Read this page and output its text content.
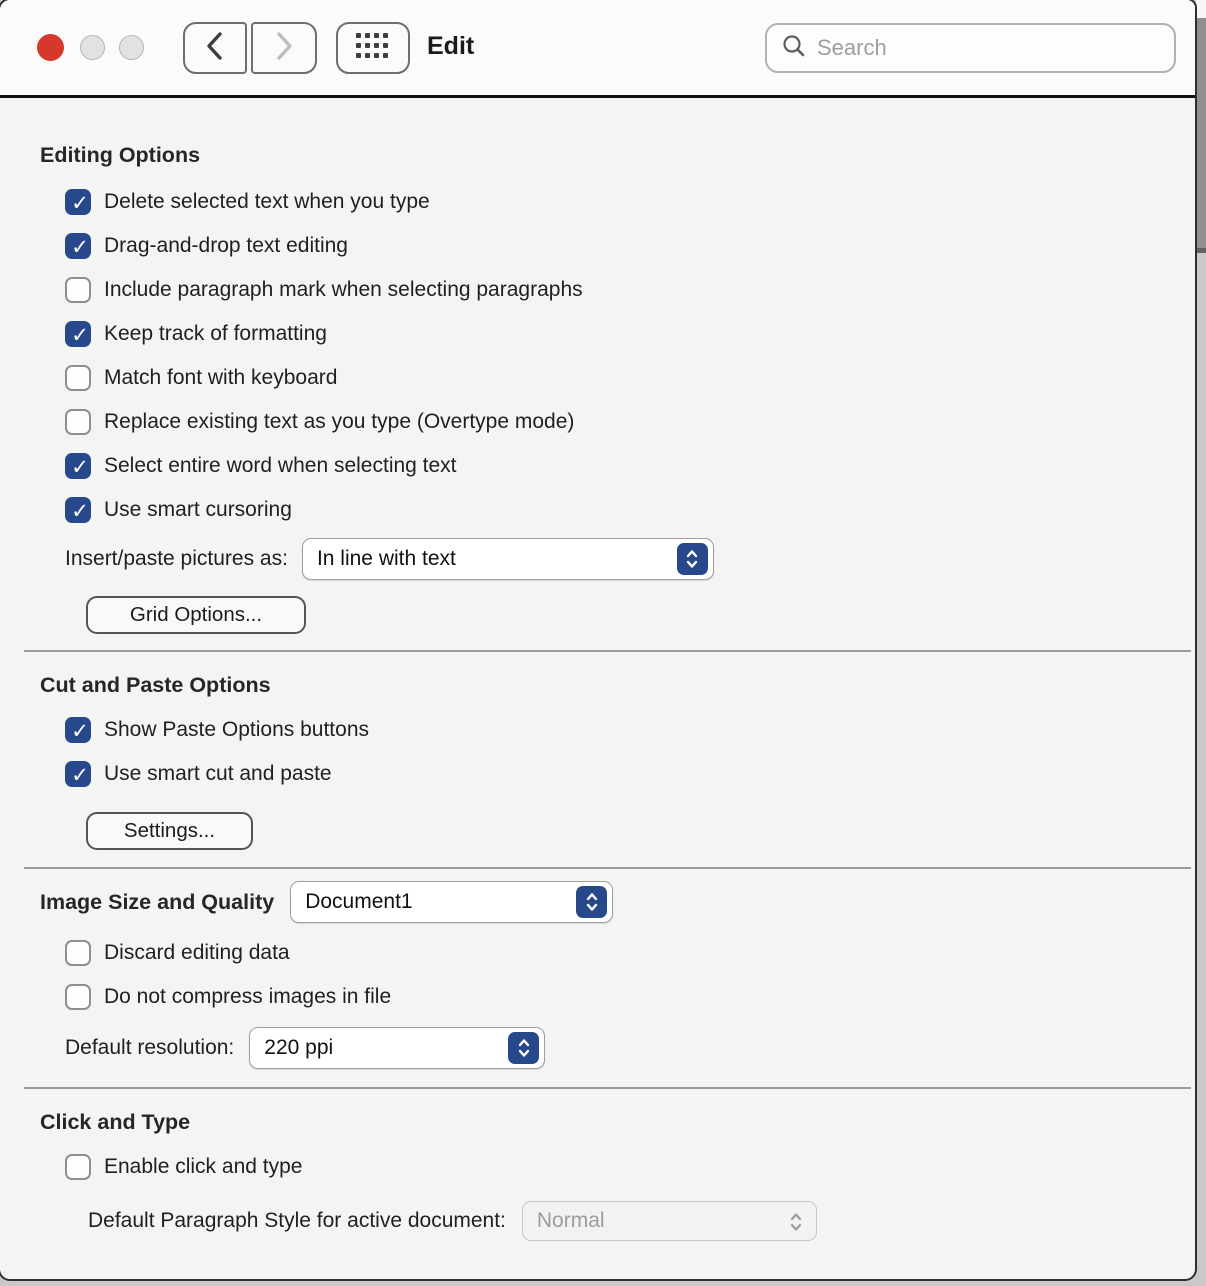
Edit
Search
Editing Options
✓
Delete selected text when you type
✓
Drag-and-drop text editing
Include paragraph mark when selecting paragraphs
✓
Keep track of formatting
Match font with keyboard
Replace existing text as you type (Overtype mode)
✓
Select entire word when selecting text
✓
Use smart cursoring
Insert/paste pictures as: In line with text
Grid Options...
Cut and Paste Options
✓
Show Paste Options buttons
✓
Use smart cut and paste
Settings...
Image Size and Quality Document1
Discard editing data
Do not compress images in file
Default resolution: 220 ppi
Click and Type
Enable click and type
Default Paragraph Style for active document: Normal
